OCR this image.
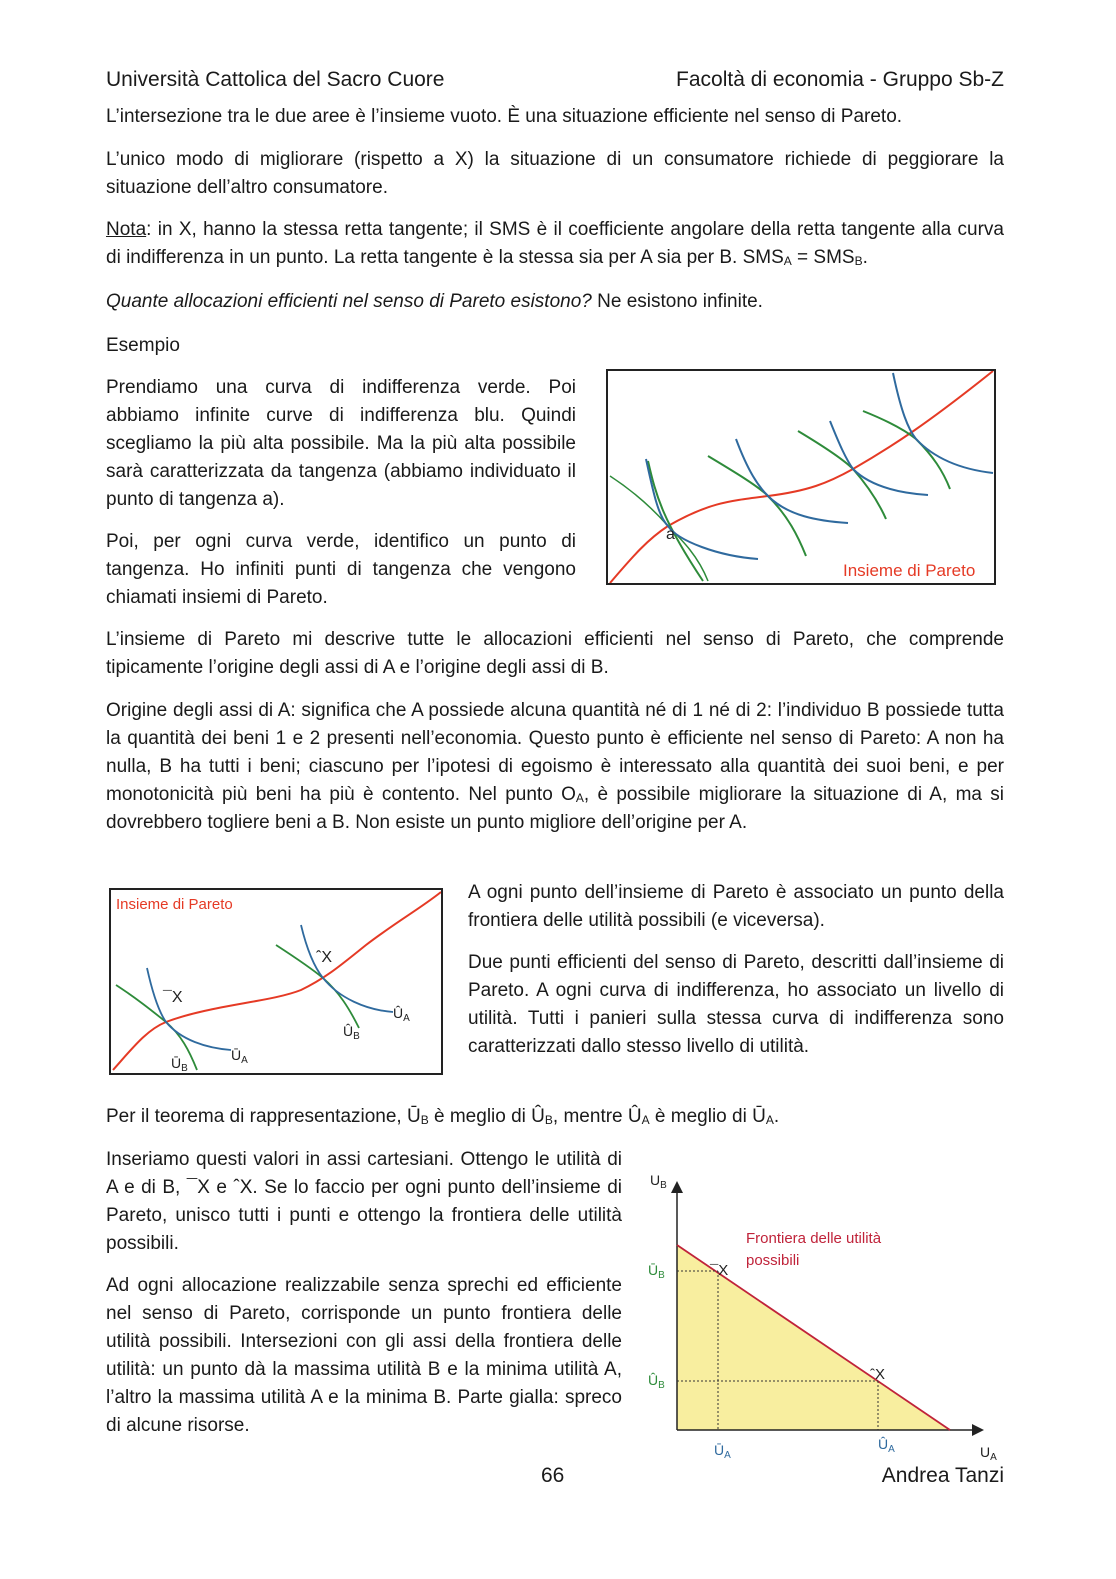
Università Cattolica del Sacro Cuore	Facoltà di economia - Gruppo Sb-Z

L’intersezione tra le due aree è l’insieme vuoto. È una situazione efficiente nel senso di Pareto.

L’unico modo di migliorare (rispetto a X) la situazione di un consumatore richiede di peggiorare la situazione dell’altro consumatore.

Nota: in X, hanno la stessa retta tangente; il SMS è il coefficiente angolare della retta tangente alla curva di indifferenza in un punto. La retta tangente è la stessa sia per A sia per B. $SMS_A = SMS_B$.

Quante allocazioni efficienti nel senso di Pareto esistono? Ne esistono infinite.

Esempio

Prendiamo una curva di indifferenza verde. Poi abbiamo infinite curve di indifferenza blu. Quindi scegliamo la più alta possibile. Ma la più alta possibile sarà caratterizzata da tangenza (abbiamo individuato il punto di tangenza a).

Poi, per ogni curva verde, identifico un punto di tangenza. Ho infiniti punti di tangenza che vengono chiamati insiemi di Pareto.

a
Insieme di Pareto

L’insieme di Pareto mi descrive tutte le allocazioni efficienti nel senso di Pareto, che comprende tipicamente l’origine degli assi di A e l’origine degli assi di B.

Origine degli assi di A: significa che A possiede alcuna quantità né di 1 né di 2: l’individuo B possiede tutta la quantità dei beni 1 e 2 presenti nell’economia. Questo punto è efficiente nel senso di Pareto: A non ha nulla, B ha tutti i beni; ciascuno per l’ipotesi di egoismo è interessato alla quantità dei suoi beni, e per monotonicità più beni ha più è contento. Nel punto $O_A$, è possibile migliorare la situazione di A, ma si dovrebbero togliere beni a B. Non esiste un punto migliore dell’origine per A.

Insieme di Pareto
¯X
ˆX
$Ū_B$
$Ū_A$
$Û_B$
$Û_A$

A ogni punto dell’insieme di Pareto è associato un punto della frontiera delle utilità possibili (e viceversa).

Due punti efficienti del senso di Pareto, descritti dall’insieme di Pareto. A ogni curva di indifferenza, ho associato un livello di utilità. Tutti i panieri sulla stessa curva di indifferenza sono caratterizzati dallo stesso livello di utilità.

Per il teorema di rappresentazione, $Ū_B$ è meglio di $Û_B$, mentre $Û_A$ è meglio di $Ū_A$.

Inseriamo questi valori in assi cartesiani. Ottengo le utilità di A e di B, ¯X e ˆX. Se lo faccio per ogni punto dell’insieme di Pareto, unisco tutti i punti e ottengo la frontiera delle utilità possibili.

Ad ogni allocazione realizzabile senza sprechi ed efficiente nel senso di Pareto, corrisponde un punto frontiera delle utilità possibili. Intersezioni con gli assi della frontiera delle utilità: un punto dà la massima utilità B e la minima utilità A, l’altro la massima utilità A e la minima B. Parte gialla: spreco di alcune risorse.

$U_B$
$U_A$
Frontiera delle utilità
possibili
$Ū_B$
$Û_B$
$Ū_A$
$Û_A$
¯X
ˆX
66	Andrea Tanzi
